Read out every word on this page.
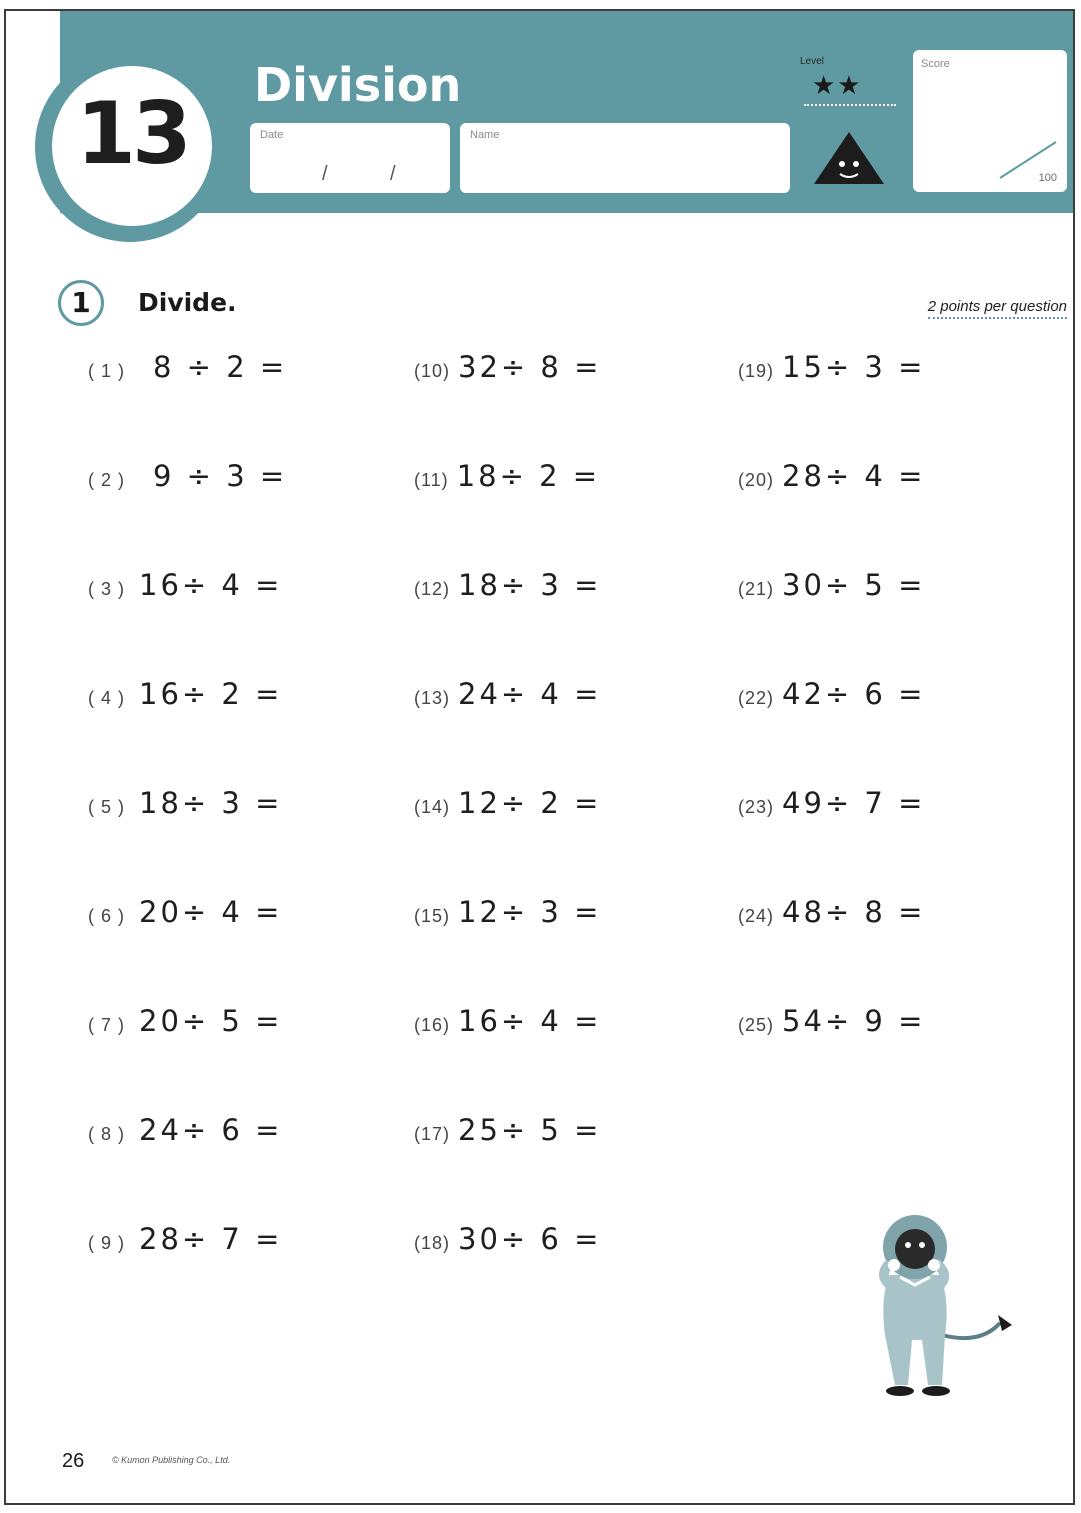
13	Division
Date
/	/
Name
Level
★★
Score
100
1	Divide.	2 points per question
( 1 ) 8 ÷ 2 =
( 2 ) 9 ÷ 3 =
( 3 ) 16÷ 4 =
( 4 ) 16÷ 2 =
( 5 ) 18÷ 3 =
( 6 ) 20÷ 4 =
( 7 ) 20÷ 5 =
( 8 ) 24÷ 6 =
( 9 ) 28÷ 7 =
(10) 32÷ 8 =
(11) 18÷ 2 =
(12) 18÷ 3 =
(13) 24÷ 4 =
(14) 12÷ 2 =
(15) 12÷ 3 =
(16) 16÷ 4 =
(17) 25÷ 5 =
(18) 30÷ 6 =
(19) 15÷ 3 =
(20) 28÷ 4 =
(21) 30÷ 5 =
(22) 42÷ 6 =
(23) 49÷ 7 =
(24) 48÷ 8 =
(25) 54÷ 9 =
26	© Kumon Publishing Co., Ltd.
